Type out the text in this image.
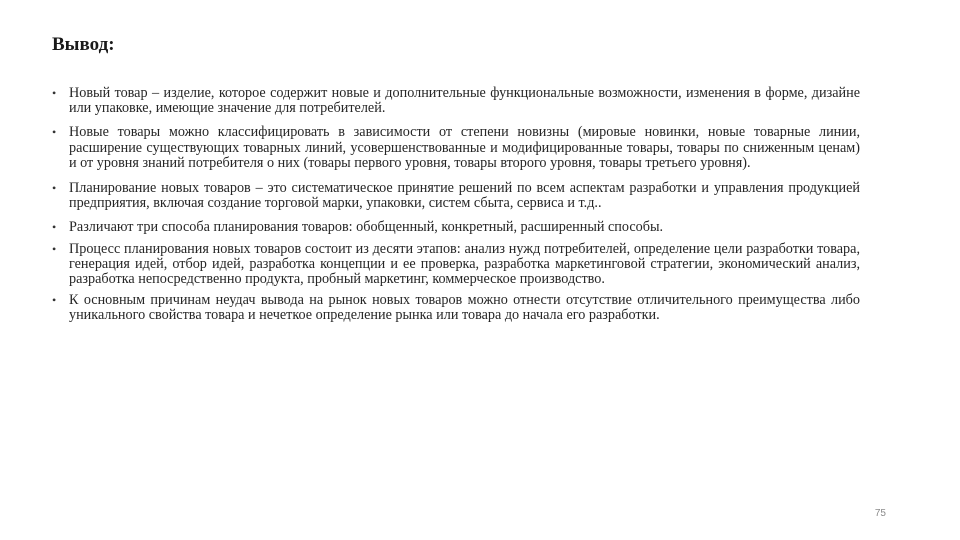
Вывод:
• Новый товар – изделие, которое содержит новые и дополнительные функциональные возможности, изменения в форме, дизайне или упаковке, имеющие значение для потребителей.
• Новые товары можно классифицировать в зависимости от степени новизны (мировые новинки, новые товарные линии, расширение существующих товарных линий, усовершенствованные и модифицированные товары, товары по сниженным ценам) и от уровня знаний потребителя о них (товары первого уровня, товары второго уровня, товары третьего уровня).
• Планирование новых товаров – это систематическое принятие решений по всем аспектам разработки и управления продукцией предприятия, включая создание торговой марки, упаковки, систем сбыта, сервиса и т.д..
• Различают три способа планирования товаров: обобщенный, конкретный, расширенный способы.
• Процесс планирования новых товаров состоит из десяти этапов: анализ нужд потребителей, определение цели разработки товара, генерация идей, отбор идей, разработка концепции и ее проверка, разработка маркетинговой стратегии, экономический анализ, разработка непосредственно продукта, пробный маркетинг, коммерческое производство.
• К основным причинам неудач вывода на рынок новых товаров можно отнести отсутствие отличительного преимущества либо уникального свойства товара и нечеткое определение рынка или товара до начала его разработки.
75
